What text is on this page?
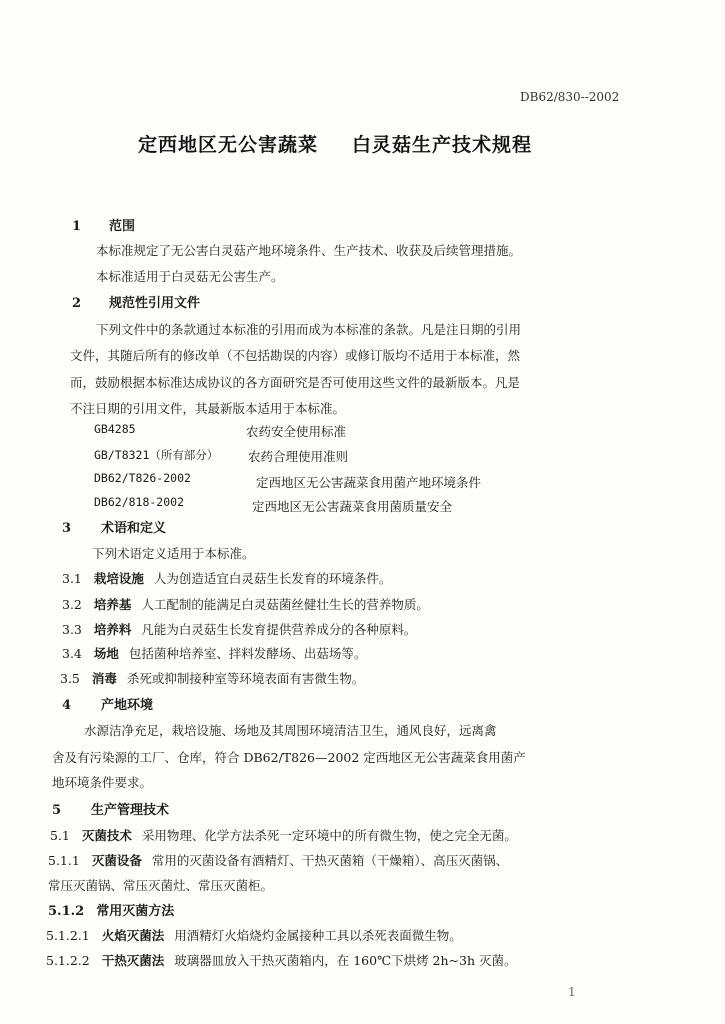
DB62/830--2002
定西地区无公害蔬菜 白灵菇生产技术规程
1 范围
本标准规定了无公害白灵菇产地环境条件、生产技术、收获及后续管理措施。
本标准适用于白灵菇无公害生产。
2 规范性引用文件
下列文件中的条款通过本标准的引用而成为本标准的条款。凡是注日期的引用
文件，其随后所有的修改单（不包括勘误的内容）或修订版均不适用于本标准，然
而，鼓励根据本标准达成协议的各方面研究是否可使用这些文件的最新版本。凡是
不注日期的引用文件，其最新版本适用于本标准。
GB4285	农药安全使用标准
GB/T8321（所有部分） 农药合理使用准则
DB62/T826-2002	定西地区无公害蔬菜食用菌产地环境条件
DB62/818-2002	定西地区无公害蔬菜食用菌质量安全
3 术语和定义
下列术语定义适用于本标准。
3.1 栽培设施 人为创造适宜白灵菇生长发育的环境条件。
3.2 培养基 人工配制的能满足白灵菇菌丝健壮生长的营养物质。
3.3 培养料 凡能为白灵菇生长发育提供营养成分的各种原料。
3.4 场地 包括菌种培养室、拌料发酵场、出菇场等。
3.5 消毒 杀死或抑制接种室等环境表面有害微生物。
4 产地环境
水源洁净充足，栽培设施、场地及其周围环境清洁卫生，通风良好，远离禽
舍及有污染源的工厂、仓库，符合 DB62/T826—2002 定西地区无公害蔬菜食用菌产
地环境条件要求。
5 生产管理技术
5.1 灭菌技术 采用物理、化学方法杀死一定环境中的所有微生物，使之完全无菌。
5.1.1 灭菌设备 常用的灭菌设备有酒精灯、干热灭菌箱（干燥箱）、高压灭菌锅、
常压灭菌锅、常压灭菌灶、常压灭菌柜。
5.1.2 常用灭菌方法
5.1.2.1 火焰灭菌法 用酒精灯火焰烧灼金属接种工具以杀死表面微生物。
5.1.2.2 干热灭菌法 玻璃器皿放入干热灭菌箱内，在 160℃下烘烤 2h~3h 灭菌。
1
